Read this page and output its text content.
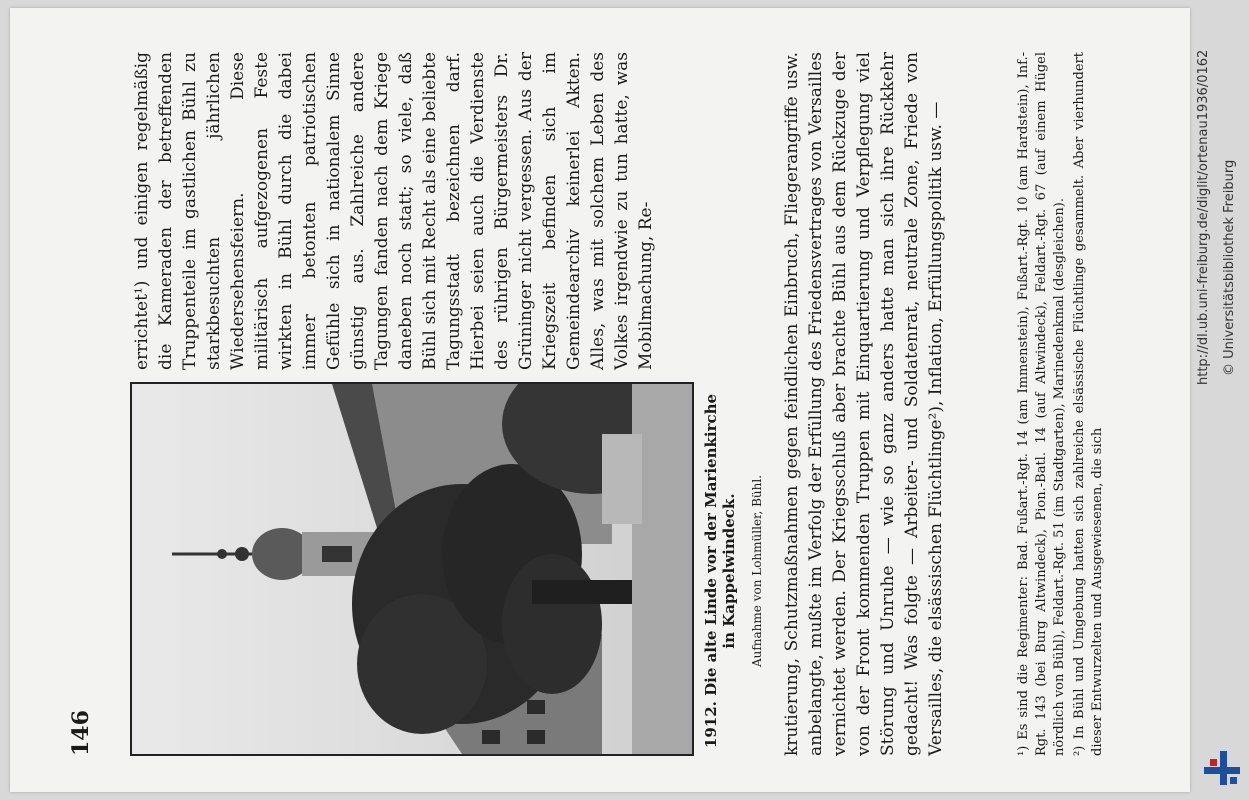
146	1912. Die alte Linde vor der Marienkirche in Kappelwindeck. Aufnahme von Lohmüller, Bühl.

errichtet¹) und einigen regelmäßig die Kameraden der betreffenden Truppenteile im gastlichen Bühl zu starkbesuchten jährlichen Wiedersehensfeiern. Diese militärisch aufgezogenen Feste wirkten in Bühl durch die dabei immer betonten patriotischen Gefühle sich in nationalem Sinne günstig aus. Zahlreiche andere Tagungen fanden nach dem Kriege daneben noch statt; so viele, daß Bühl sich mit Recht als eine beliebte Tagungsstadt bezeichnen darf. Hierbei seien auch die Verdienste des rührigen Bürgermeisters Dr. Grüninger nicht vergessen. Aus der Kriegszeit befinden sich im Gemeindearchiv keinerlei Akten. Alles, was mit solchem Leben des Volkes irgendwie zu tun hatte, was Mobilmachung, Re-	krutierung, Schutzmaßnahmen gegen feindlichen Einbruch, Fliegerangriffe usw. anbelangte, mußte im Verfolg der Erfüllung des Friedensvertrages von Versailles vernichtet werden. Der Kriegsschluß aber brachte Bühl aus dem Rückzuge der von der Front kommenden Truppen mit Einquartierung und Verpflegung viel Störung und Unruhe — wie so ganz anders hatte man sich ihre Rückkehr gedacht! Was folgte — Arbeiter- und Soldatenrat, neutrale Zone, Friede von Versailles, die elsässischen Flüchtlinge²), Inflation, Erfüllungspolitik usw. —	¹) Es sind die Regimenter: Bad. Fußart.-Rgt. 14 (am Immenstein), Fußart.-Rgt. 10 (am Hardstein), Inf.-Rgt. 143 (bei Burg Altwindeck), Pion.-Batl. 14 (auf Altwindeck), Feldart.-Rgt. 67 (auf einem Hügel nördlich von Bühl), Feldart.-Rgt. 51 (im Stadtgarten), Marinedenkmal (desgleichen). ²) In Bühl und Umgebung hatten sich zahlreiche elsässische Flüchtlinge gesammelt. Aber vierhundert dieser Entwurzelten und Ausgewiesenen, die sich

http://dl.ub.uni-freiburg.de/diglit/ortenau1936/0162 © Universitätsbibliothek Freiburg
